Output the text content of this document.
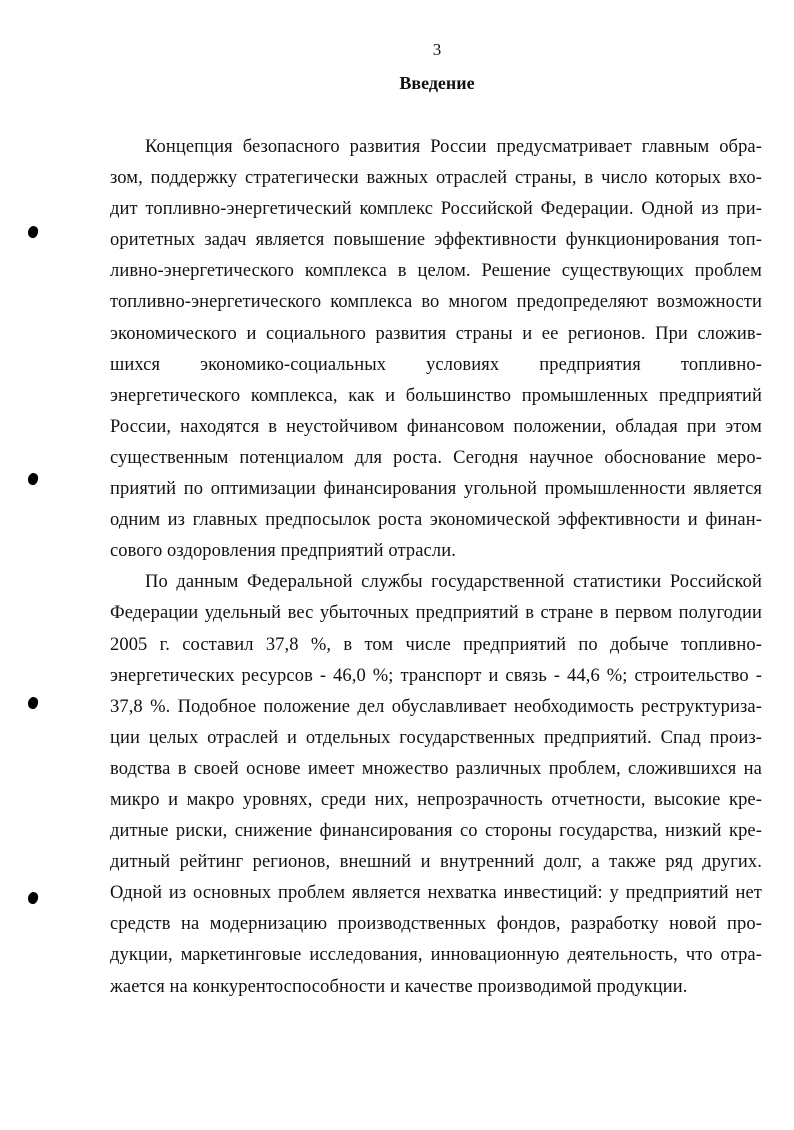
3
Введение
Концепция безопасного развития России предусматривает главным обра-
зом, поддержку стратегически важных отраслей страны, в число которых вхо-
дит топливно-энергетический комплекс Российской Федерации. Одной из при-
оритетных задач является повышение эффективности функционирования топ-
ливно-энергетического комплекса в целом. Решение существующих проблем
топливно-энергетического комплекса во многом предопределяют возможности
экономического и социального развития страны и ее регионов. При сложив-
шихся экономико-социальных условиях предприятия топливно-
энергетического комплекса, как и большинство промышленных предприятий
России, находятся в неустойчивом финансовом положении, обладая при этом
существенным потенциалом для роста. Сегодня научное обоснование меро-
приятий по оптимизации финансирования угольной промышленности является
одним из главных предпосылок роста экономической эффективности и финан-
сового оздоровления предприятий отрасли.
По данным Федеральной службы государственной статистики Российской
Федерации удельный вес убыточных предприятий в стране в первом полугодии
2005 г. составил 37,8 %, в том числе предприятий по добыче топливно-
энергетических ресурсов - 46,0 %; транспорт и связь - 44,6 %; строительство -
37,8 %. Подобное положение дел обуславливает необходимость реструктуриза-
ции целых отраслей и отдельных государственных предприятий. Спад произ-
водства в своей основе имеет множество различных проблем, сложившихся на
микро и макро уровнях, среди них, непрозрачность отчетности, высокие кре-
дитные риски, снижение финансирования со стороны государства, низкий кре-
дитный рейтинг регионов, внешний и внутренний долг, а также ряд других.
Одной из основных проблем является нехватка инвестиций: у предприятий нет
средств на модернизацию производственных фондов, разработку новой про-
дукции, маркетинговые исследования, инновационную деятельность, что отра-
жается на конкурентоспособности и качестве производимой продукции.
